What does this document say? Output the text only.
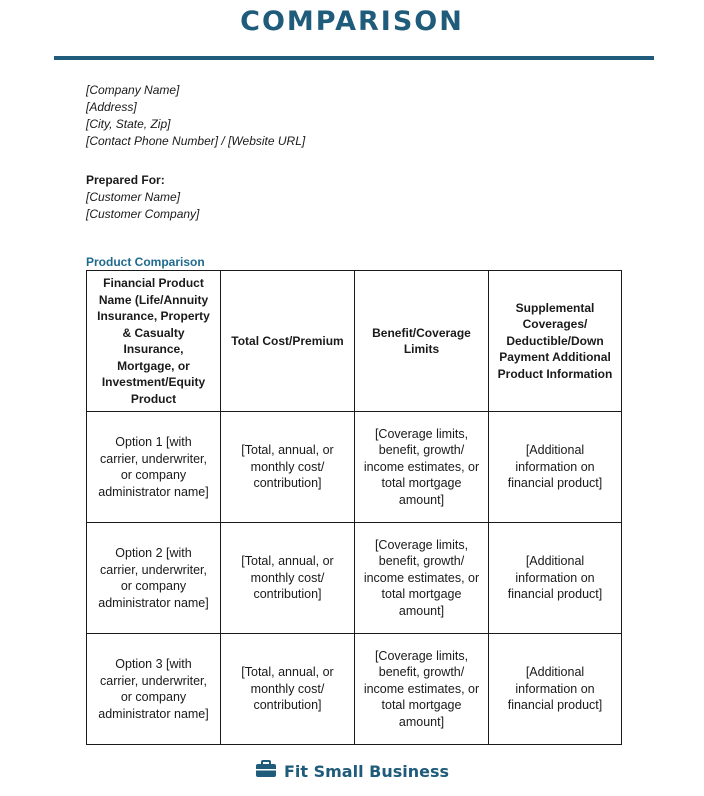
COMPARISON
[Company Name]
[Address]
[City, State, Zip]
[Contact Phone Number] / [Website URL]
Prepared For:
[Customer Name]
[Customer Company]
Product Comparison
Financial Product Name (Life/Annuity Insurance, Property & Casualty Insurance, Mortgage, or Investment/Equity Product	Total Cost/Premium	Benefit/Coverage Limits	Supplemental Coverages/ Deductible/Down Payment Additional Product Information
Option 1 [with carrier, underwriter, or company administrator name]	[Total, annual, or monthly cost/ contribution]	[Coverage limits, benefit, growth/ income estimates, or total mortgage amount]	[Additional information on financial product]
Option 2 [with carrier, underwriter, or company administrator name]	[Total, annual, or monthly cost/ contribution]	[Coverage limits, benefit, growth/ income estimates, or total mortgage amount]	[Additional information on financial product]
Option 3 [with carrier, underwriter, or company administrator name]	[Total, annual, or monthly cost/ contribution]	[Coverage limits, benefit, growth/ income estimates, or total mortgage amount]	[Additional information on financial product]
Fit Small Business
